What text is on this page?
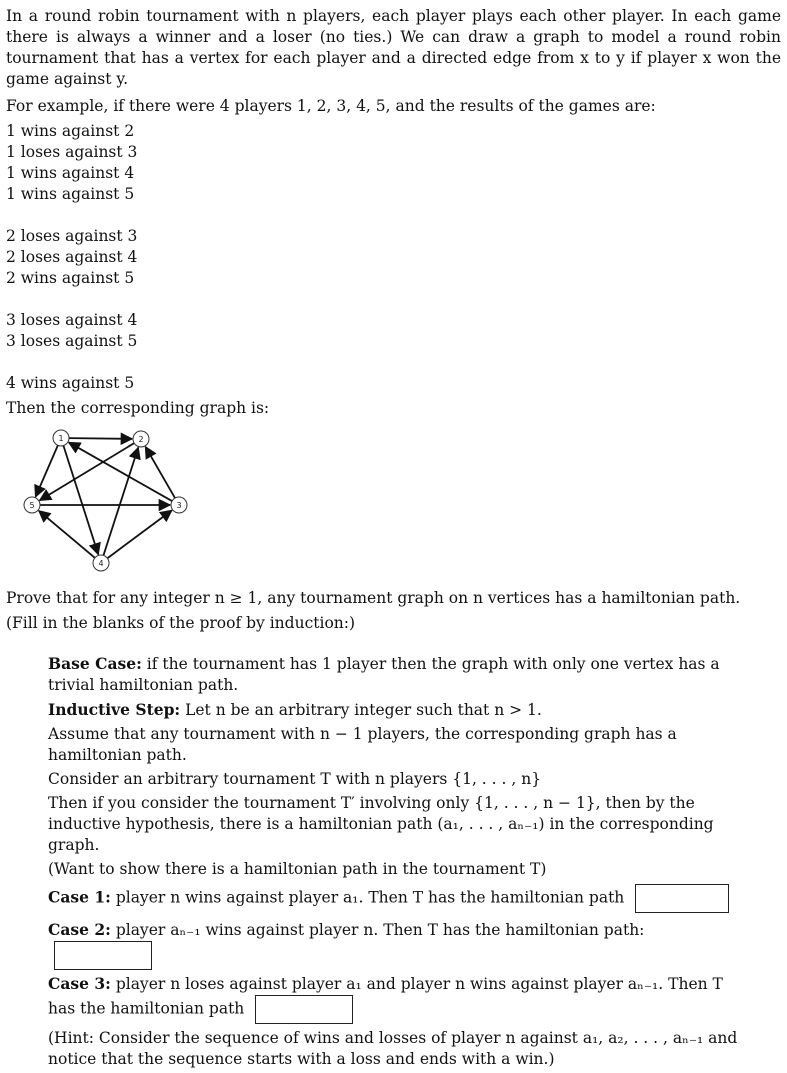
In a round robin tournament with n players, each player plays each other player. In each game there is always a winner and a loser (no ties.) We can draw a graph to model a round robin tournament that has a vertex for each player and a directed edge from x to y if player x won the game against y.

For example, if there were 4 players 1, 2, 3, 4, 5, and the results of the games are:

1 wins against 2

1 loses against 3

1 wins against 4

1 wins against 5

2 loses against 3

2 loses against 4

2 wins against 5

3 loses against 4

3 loses against 5

4 wins against 5

Then the corresponding graph is:

1	2
3
4
5

Prove that for any integer n ≥ 1, any tournament graph on n vertices has a hamiltonian path.

(Fill in the blanks of the proof by induction:)

Base Case: if the tournament has 1 player then the graph with only one vertex has a trivial hamiltonian path.

Inductive Step: Let n be an arbitrary integer such that n > 1.

Assume that any tournament with n − 1 players, the corresponding graph has a hamiltonian path.

Consider an arbitrary tournament T with n players {1, . . . , n}

Then if you consider the tournament T′ involving only {1, . . . , n − 1}, then by the inductive hypothesis, there is a hamiltonian path (a₁, . . . , aₙ₋₁) in the corresponding graph.

(Want to show there is a hamiltonian path in the tournament T)

Case 1: player n wins against player a₁. Then T has the hamiltonian path

Case 2: player aₙ₋₁ wins against player n. Then T has the hamiltonian path:

Case 3: player n loses against player a₁ and player n wins against player aₙ₋₁. Then T has the hamiltonian path

(Hint: Consider the sequence of wins and losses of player n against a₁, a₂, . . . , aₙ₋₁ and notice that the sequence starts with a loss and ends with a win.)
